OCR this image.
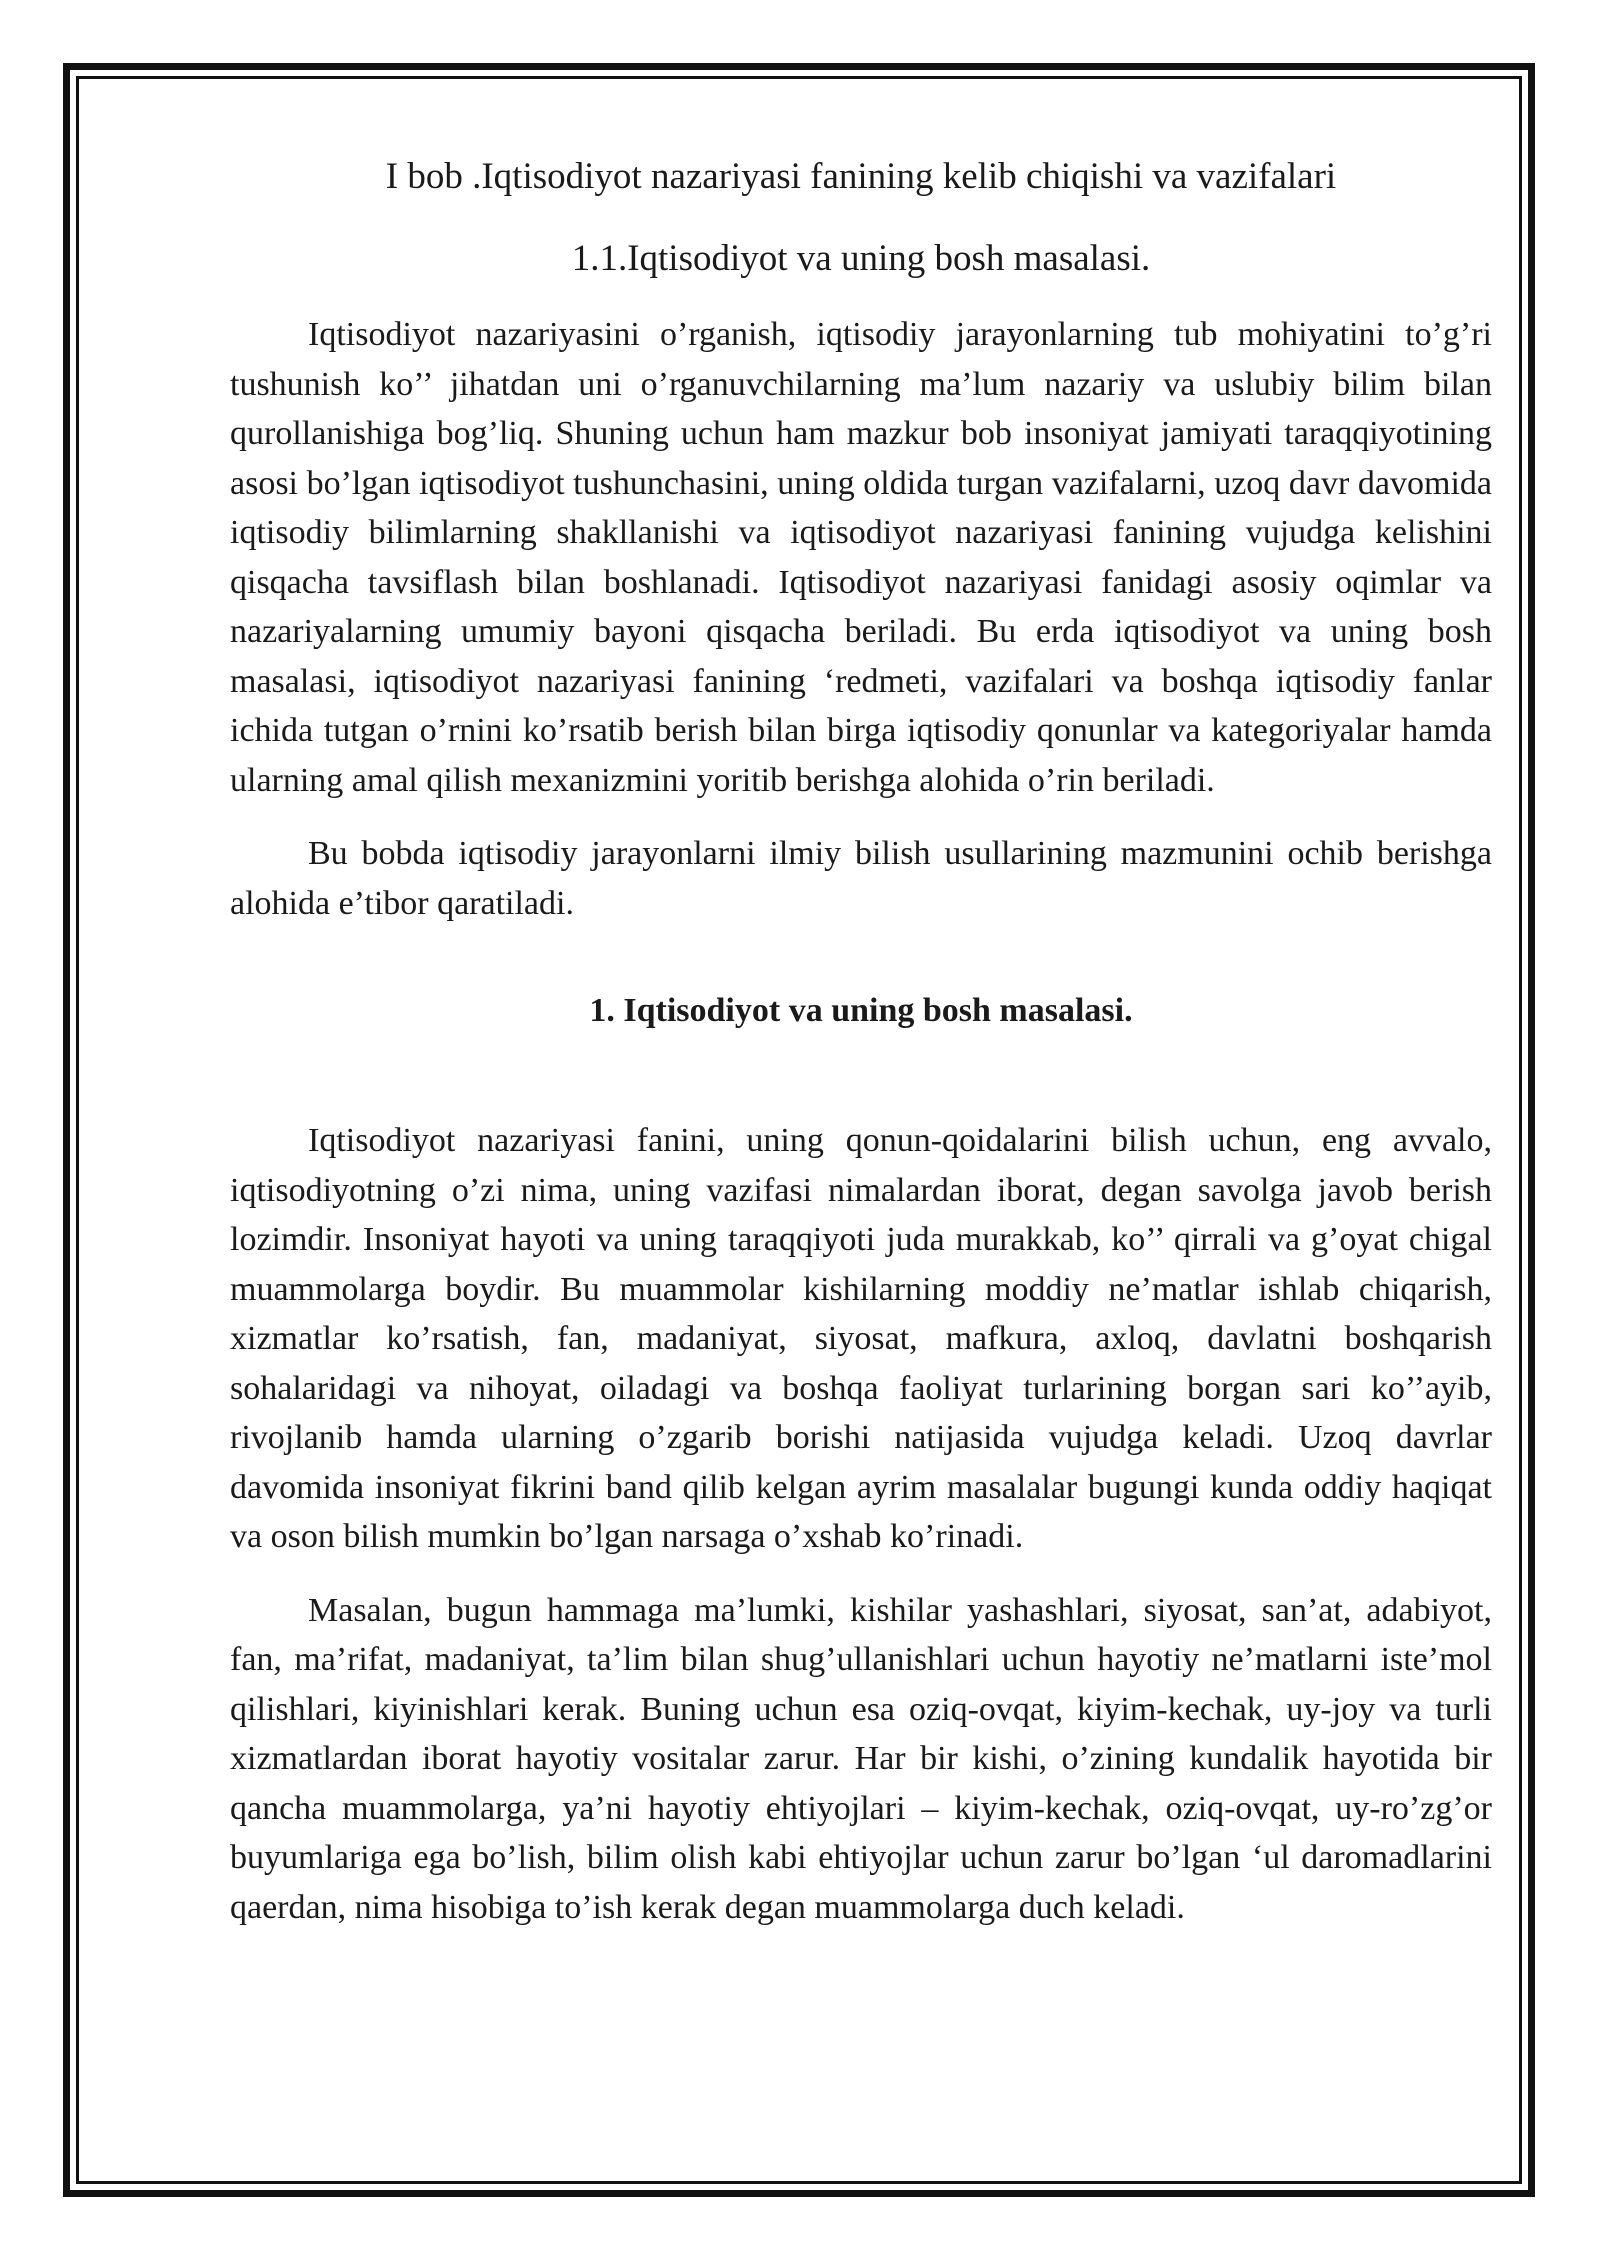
I bob .Iqtisodiyot nazariyasi fanining kelib chiqishi va vazifalari
1.1.Iqtisodiyot va uning bosh masalasi.

Iqtisodiyot nazariyasini o’rganish, iqtisodiy jarayonlarning tub mohiyatini to’g’ri tushunish ko’’ jihatdan uni o’rganuvchilarning ma’lum nazariy va uslubiy bilim bilan qurollanishiga bog’liq. Shuning uchun ham mazkur bob insoniyat jamiyati taraqqiyotining asosi bo’lgan iqtisodiyot tushunchasini, uning oldida turgan vazifalarni, uzoq davr davomida iqtisodiy bilimlarning shakllanishi va iqtisodiyot nazariyasi fanining vujudga kelishini qisqacha tavsiflash bilan boshlanadi. Iqtisodiyot nazariyasi fanidagi asosiy oqimlar va nazariyalarning umumiy bayoni qisqacha beriladi. Bu erda iqtisodiyot va uning bosh masalasi, iqtisodiyot nazariyasi fanining ‘redmeti, vazifalari va boshqa iqtisodiy fanlar ichida tutgan o’rnini ko’rsatib berish bilan birga iqtisodiy qonunlar va kategoriyalar hamda ularning amal qilish mexanizmini yoritib berishga alohida o’rin beriladi.

Bu bobda iqtisodiy jarayonlarni ilmiy bilish usullarining mazmunini ochib berishga alohida e’tibor qaratiladi.

1. Iqtisodiyot va uning bosh masalasi.

Iqtisodiyot nazariyasi fanini, uning qonun-qoidalarini bilish uchun, eng avvalo, iqtisodiyotning o’zi nima, uning vazifasi nimalardan iborat, degan savolga javob berish lozimdir. Insoniyat hayoti va uning taraqqiyoti juda murakkab, ko’’ qirrali va g’oyat chigal muammolarga boydir. Bu muammolar kishilarning moddiy ne’matlar ishlab chiqarish, xizmatlar ko’rsatish, fan, madaniyat, siyosat, mafkura, axloq, davlatni boshqarish sohalaridagi va nihoyat, oiladagi va boshqa faoliyat turlarining borgan sari ko’’ayib, rivojlanib hamda ularning o’zgarib borishi natijasida vujudga keladi. Uzoq davrlar davomida insoniyat fikrini band qilib kelgan ayrim masalalar bugungi kunda oddiy haqiqat va oson bilish mumkin bo’lgan narsaga o’xshab ko’rinadi.

Masalan, bugun hammaga ma’lumki, kishilar yashashlari, siyosat, san’at, adabiyot, fan, ma’rifat, madaniyat, ta’lim bilan shug’ullanishlari uchun hayotiy ne’matlarni iste’mol qilishlari, kiyinishlari kerak. Buning uchun esa oziq-ovqat, kiyim-kechak, uy-joy va turli xizmatlardan iborat hayotiy vositalar zarur. Har bir kishi, o’zining kundalik hayotida bir qancha muammolarga, ya’ni hayotiy ehtiyojlari – kiyim-kechak, oziq-ovqat, uy-ro’zg’or buyumlariga ega bo’lish, bilim olish kabi ehtiyojlar uchun zarur bo’lgan ‘ul daromadlarini qaerdan, nima hisobiga to’ish kerak degan muammolarga duch keladi.
